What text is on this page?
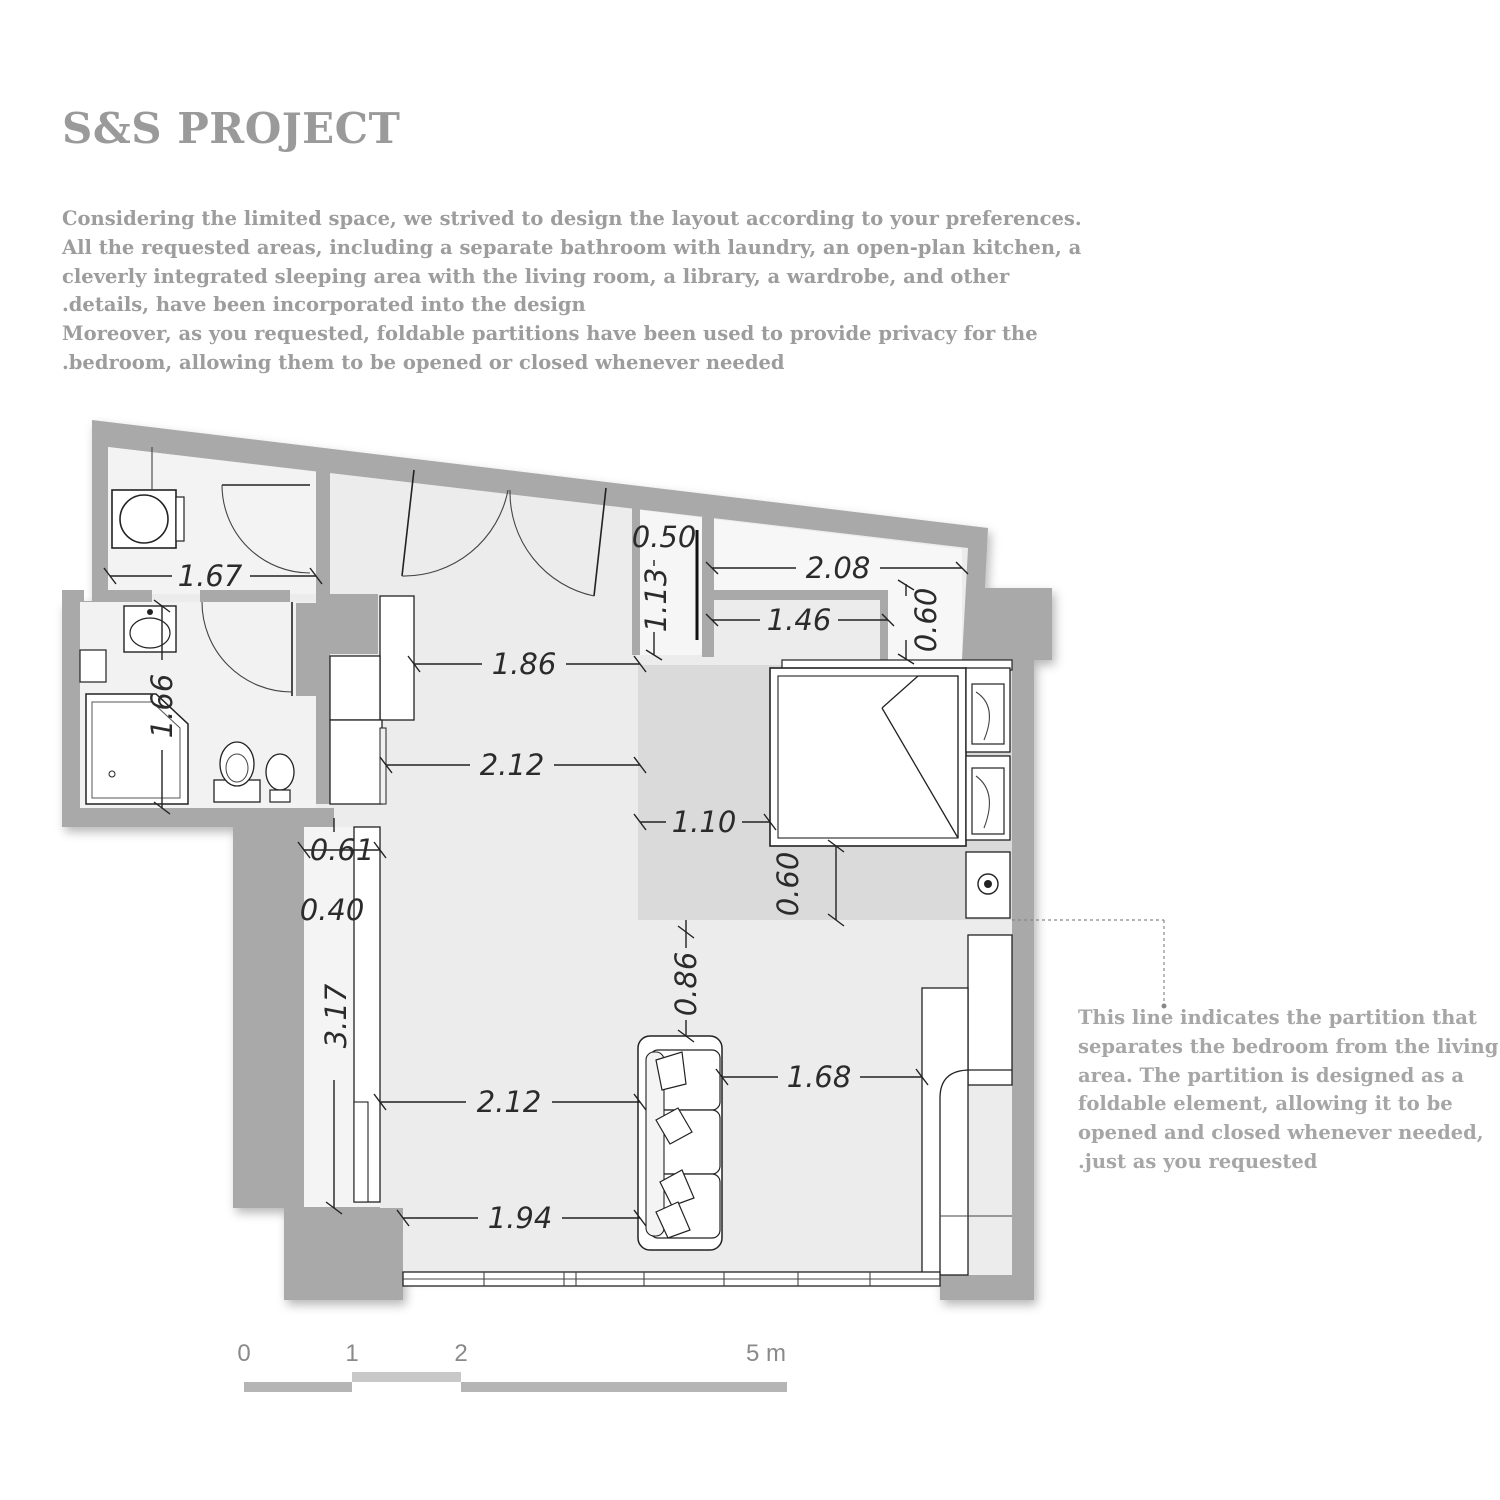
S&S PROJECT
Considering the limited space, we strived to design the layout according to your preferences.
All the requested areas, including a separate bathroom with laundry, an open-plan kitchen, a
cleverly integrated sleeping area with the living room, a library, a wardrobe, and other
.details, have been incorporated into the design
Moreover, as you requested, foldable partitions have been used to provide privacy for the
.bedroom, allowing them to be opened or closed whenever needed
1.67
1.66
0.50
1.13	2.08
1.46	0.60
1.86
2.12
1.10
0.60
0.61
0.40
3.17	0.86
1.68
2.12
1.94
0	1	2	5 m
This line indicates the partition that
separates the bedroom from the living
area. The partition is designed as a
foldable element, allowing it to be
opened and closed whenever needed,
.just as you requested
